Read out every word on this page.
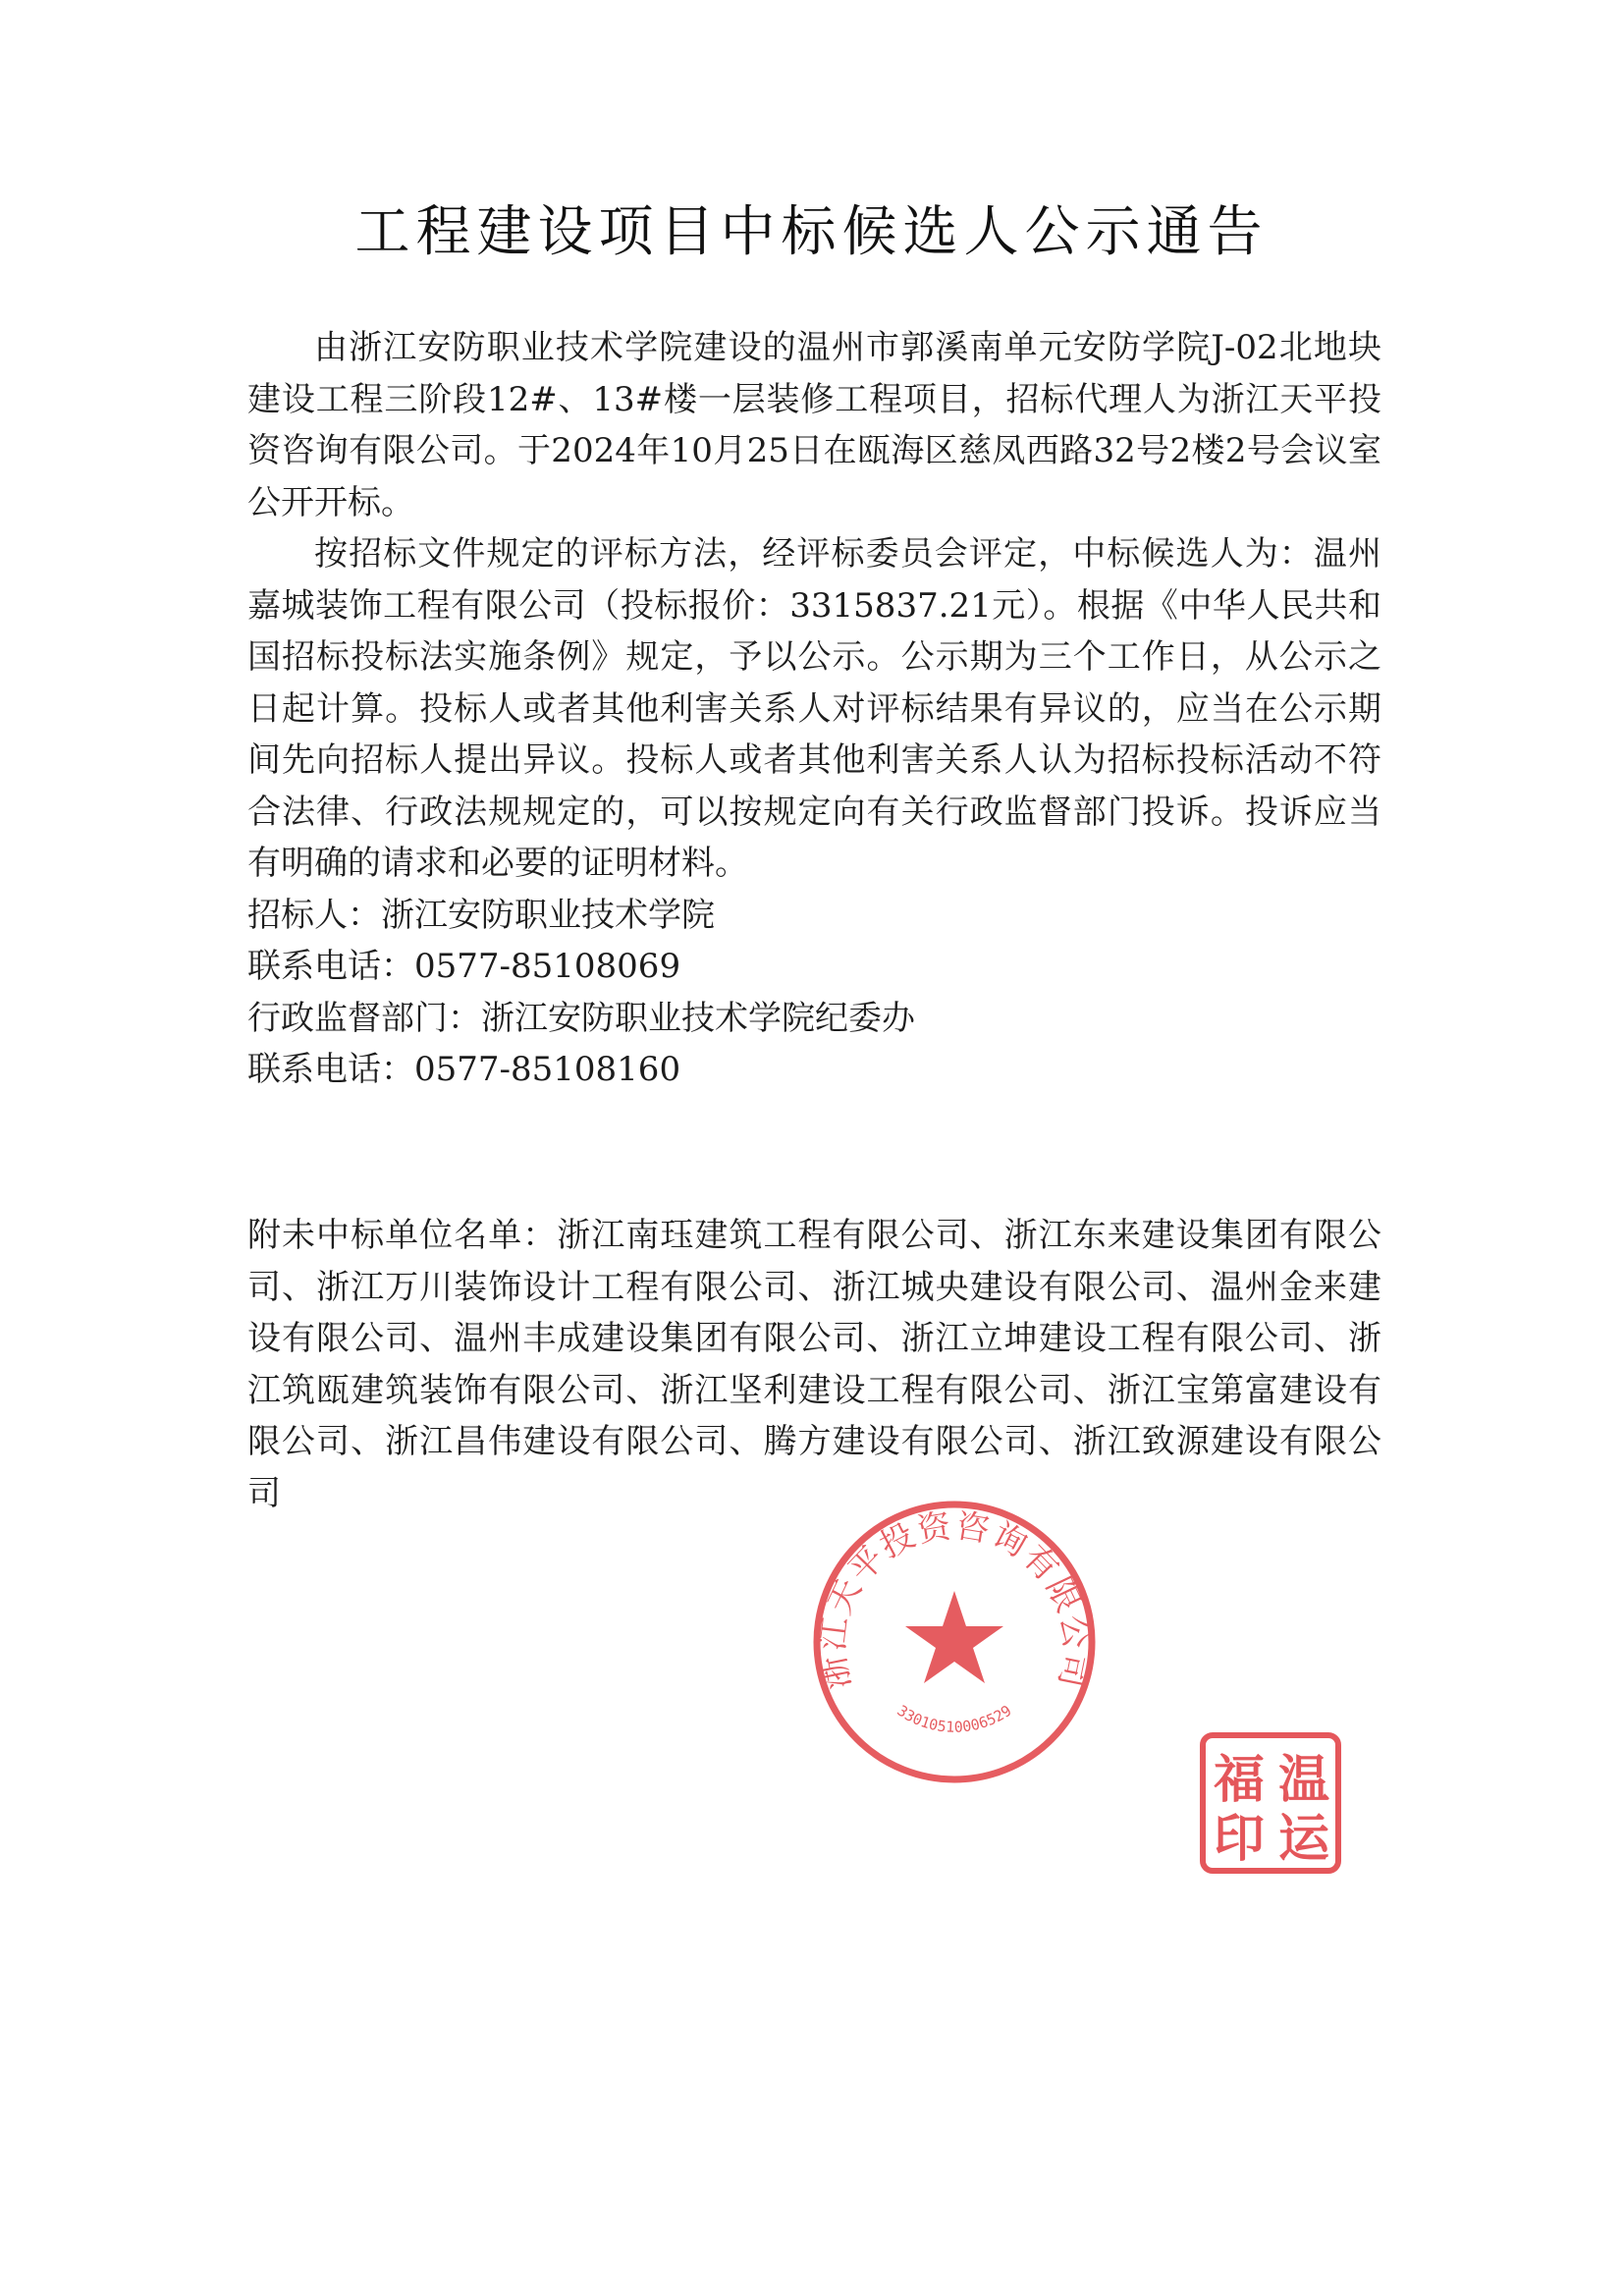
工程建设项目中标候选人公示通告

由浙江安防职业技术学院建设的温州市郭溪南单元安防学院J-02北地块建设工程三阶段12#、13#楼一层装修工程项目，招标代理人为浙江天平投资咨询有限公司。于2024年10月25日在瓯海区慈凤西路32号2楼2号会议室公开开标。

按招标文件规定的评标方法，经评标委员会评定，中标候选人为：温州嘉城装饰工程有限公司（投标报价：3315837.21元）。根据《中华人民共和国招标投标法实施条例》规定，予以公示。公示期为三个工作日，从公示之日起计算。投标人或者其他利害关系人对评标结果有异议的，应当在公示期间先向招标人提出异议。投标人或者其他利害关系人认为招标投标活动不符合法律、行政法规规定的，可以按规定向有关行政监督部门投诉。投诉应当有明确的请求和必要的证明材料。

招标人：浙江安防职业技术学院

联系电话：0577-85108069

行政监督部门：浙江安防职业技术学院纪委办

联系电话：0577-85108160

附未中标单位名单：浙江南珏建筑工程有限公司、浙江东来建设集团有限公司、浙江万川装饰设计工程有限公司、浙江城央建设有限公司、温州金来建设有限公司、温州丰成建设集团有限公司、浙江立坤建设工程有限公司、浙江筑瓯建筑装饰有限公司、浙江坚利建设工程有限公司、浙江宝第富建设有限公司、浙江昌伟建设有限公司、腾方建设有限公司、浙江致源建设有限公司

浙江天平投资咨询有限公司
33010510006529
温
福
运
印
